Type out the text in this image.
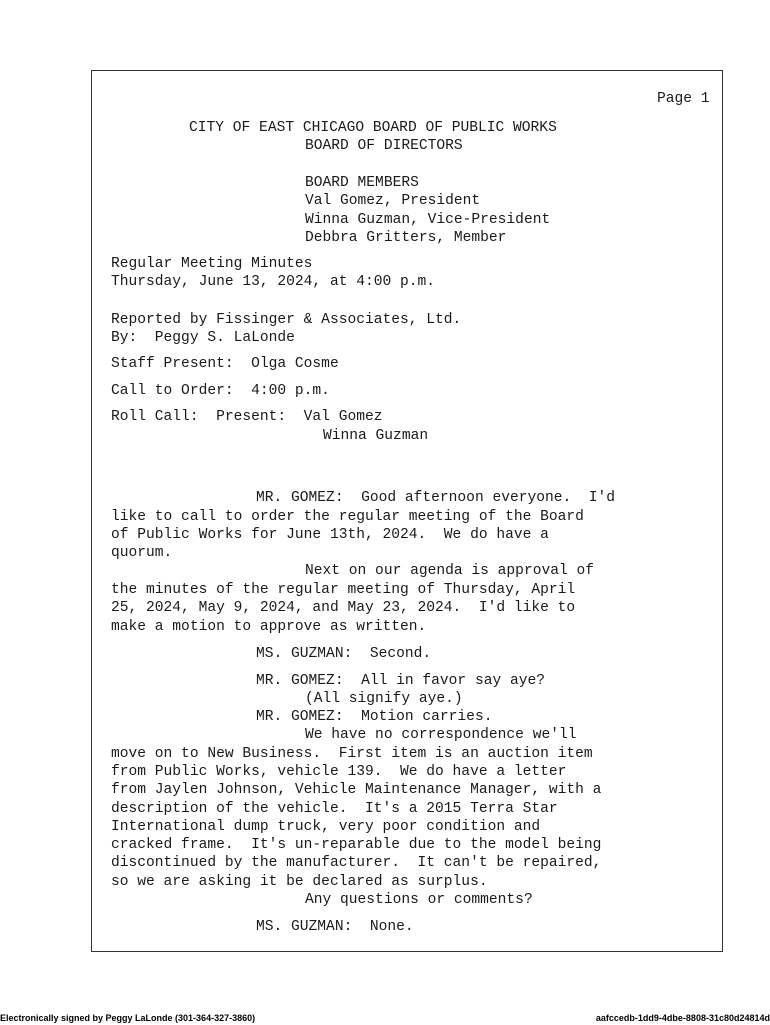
Page 1
CITY OF EAST CHICAGO BOARD OF PUBLIC WORKS
BOARD OF DIRECTORS
BOARD MEMBERS
Val Gomez, President
Winna Guzman, Vice-President
Debbra Gritters, Member
Regular Meeting Minutes
Thursday, June 13, 2024, at 4:00 p.m.
Reported by Fissinger & Associates, Ltd.
By:  Peggy S. LaLonde
Staff Present:  Olga Cosme
Call to Order:  4:00 p.m.
Roll Call:  Present:  Val Gomez
Winna Guzman
MR. GOMEZ:  Good afternoon everyone.  I'd
like to call to order the regular meeting of the Board
of Public Works for June 13th, 2024.  We do have a
quorum.
Next on our agenda is approval of
the minutes of the regular meeting of Thursday, April
25, 2024, May 9, 2024, and May 23, 2024.  I'd like to
make a motion to approve as written.
MS. GUZMAN:  Second.
MR. GOMEZ:  All in favor say aye?
(All signify aye.)
MR. GOMEZ:  Motion carries.
We have no correspondence we'll
move on to New Business.  First item is an auction item
from Public Works, vehicle 139.  We do have a letter
from Jaylen Johnson, Vehicle Maintenance Manager, with a
description of the vehicle.  It's a 2015 Terra Star
International dump truck, very poor condition and
cracked frame.  It's un-reparable due to the model being
discontinued by the manufacturer.  It can't be repaired,
so we are asking it be declared as surplus.
Any questions or comments?
MS. GUZMAN:  None.
Electronically signed by Peggy LaLonde (301-364-327-3860)	aafccedb-1dd9-4dbe-8808-31c80d24814d
